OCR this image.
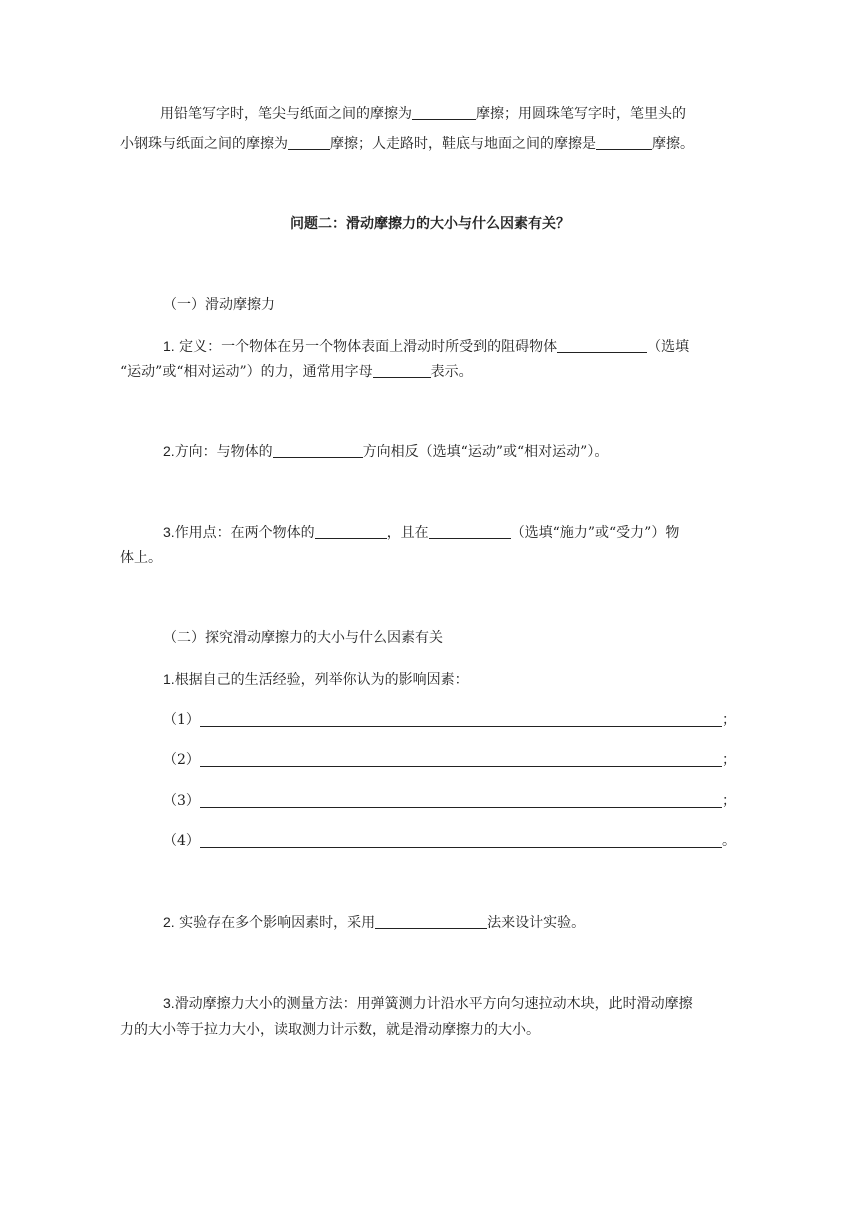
用铅笔写字时，笔尖与纸面之间的摩擦为	摩擦；用圆珠笔写字时，笔里头的
小钢珠与纸面之间的摩擦为	摩擦；人走路时，鞋底与地面之间的摩擦是	摩擦。
问题二：滑动摩擦力的大小与什么因素有关？
（一）滑动摩擦力
1. 定义：一个物体在另一个物体表面上滑动时所受到的阻碍物体	（选填
“运动”或“相对运动”）的力，通常用字母	表示。
2.方向：与物体的	方向相反（选填“运动”或“相对运动”）。
3.作用点：在两个物体的	，且在	（选填“施力”或“受力”）物
体上。
（二）探究滑动摩擦力的大小与什么因素有关
1.根据自己的生活经验，列举你认为的影响因素：
（1）	；
（2）	；
（3）	；
（4）	。
2. 实验存在多个影响因素时，采用	法来设计实验。
3.滑动摩擦力大小的测量方法：用弹簧测力计沿水平方向匀速拉动木块，此时滑动摩擦
力的大小等于拉力大小，读取测力计示数，就是滑动摩擦力的大小。
